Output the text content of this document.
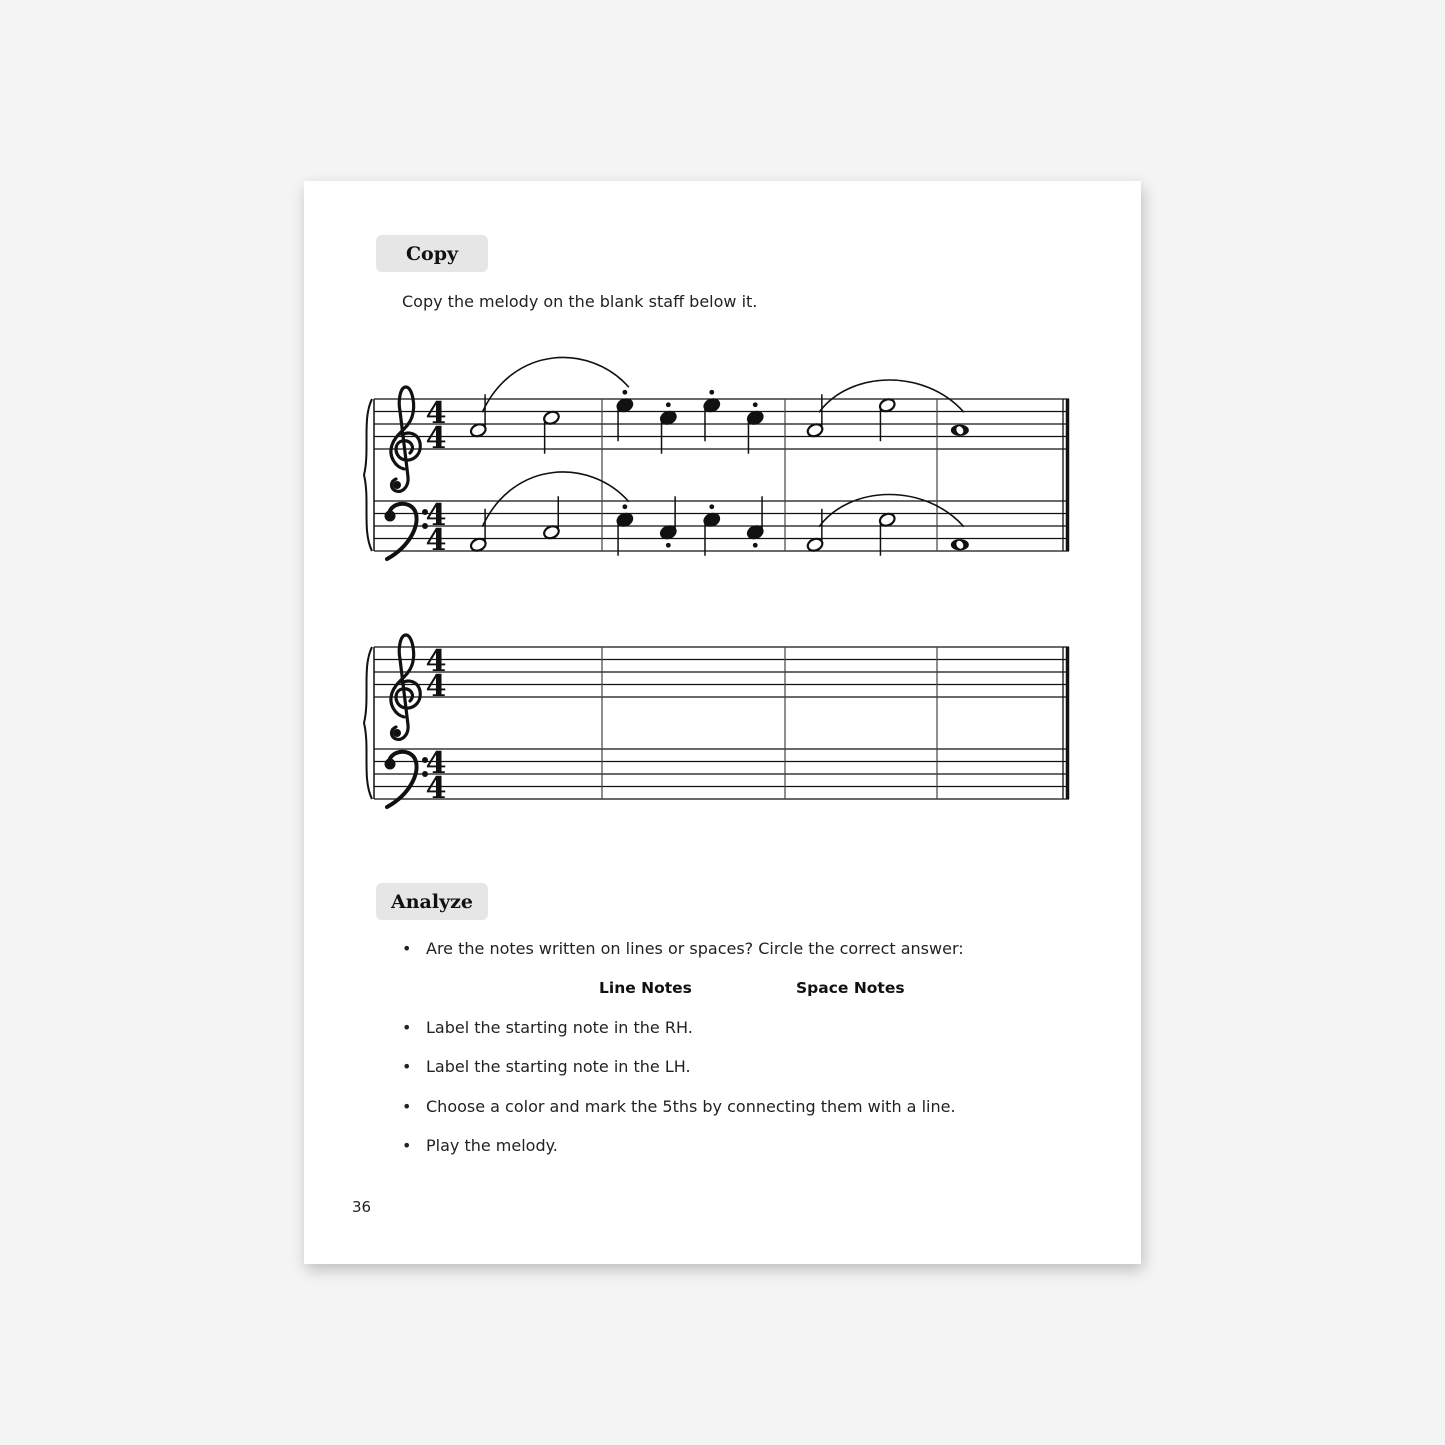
Copy
Copy the melody on the blank staff below it.
4
4
4
4
4
4
4
4
Analyze
• Are the notes written on lines or spaces? Circle the correct answer:
Line Notes	Space Notes
• Label the starting note in the RH.
• Label the starting note in the LH.
• Choose a color and mark the 5ths by connecting them with a line.
• Play the melody.
36
